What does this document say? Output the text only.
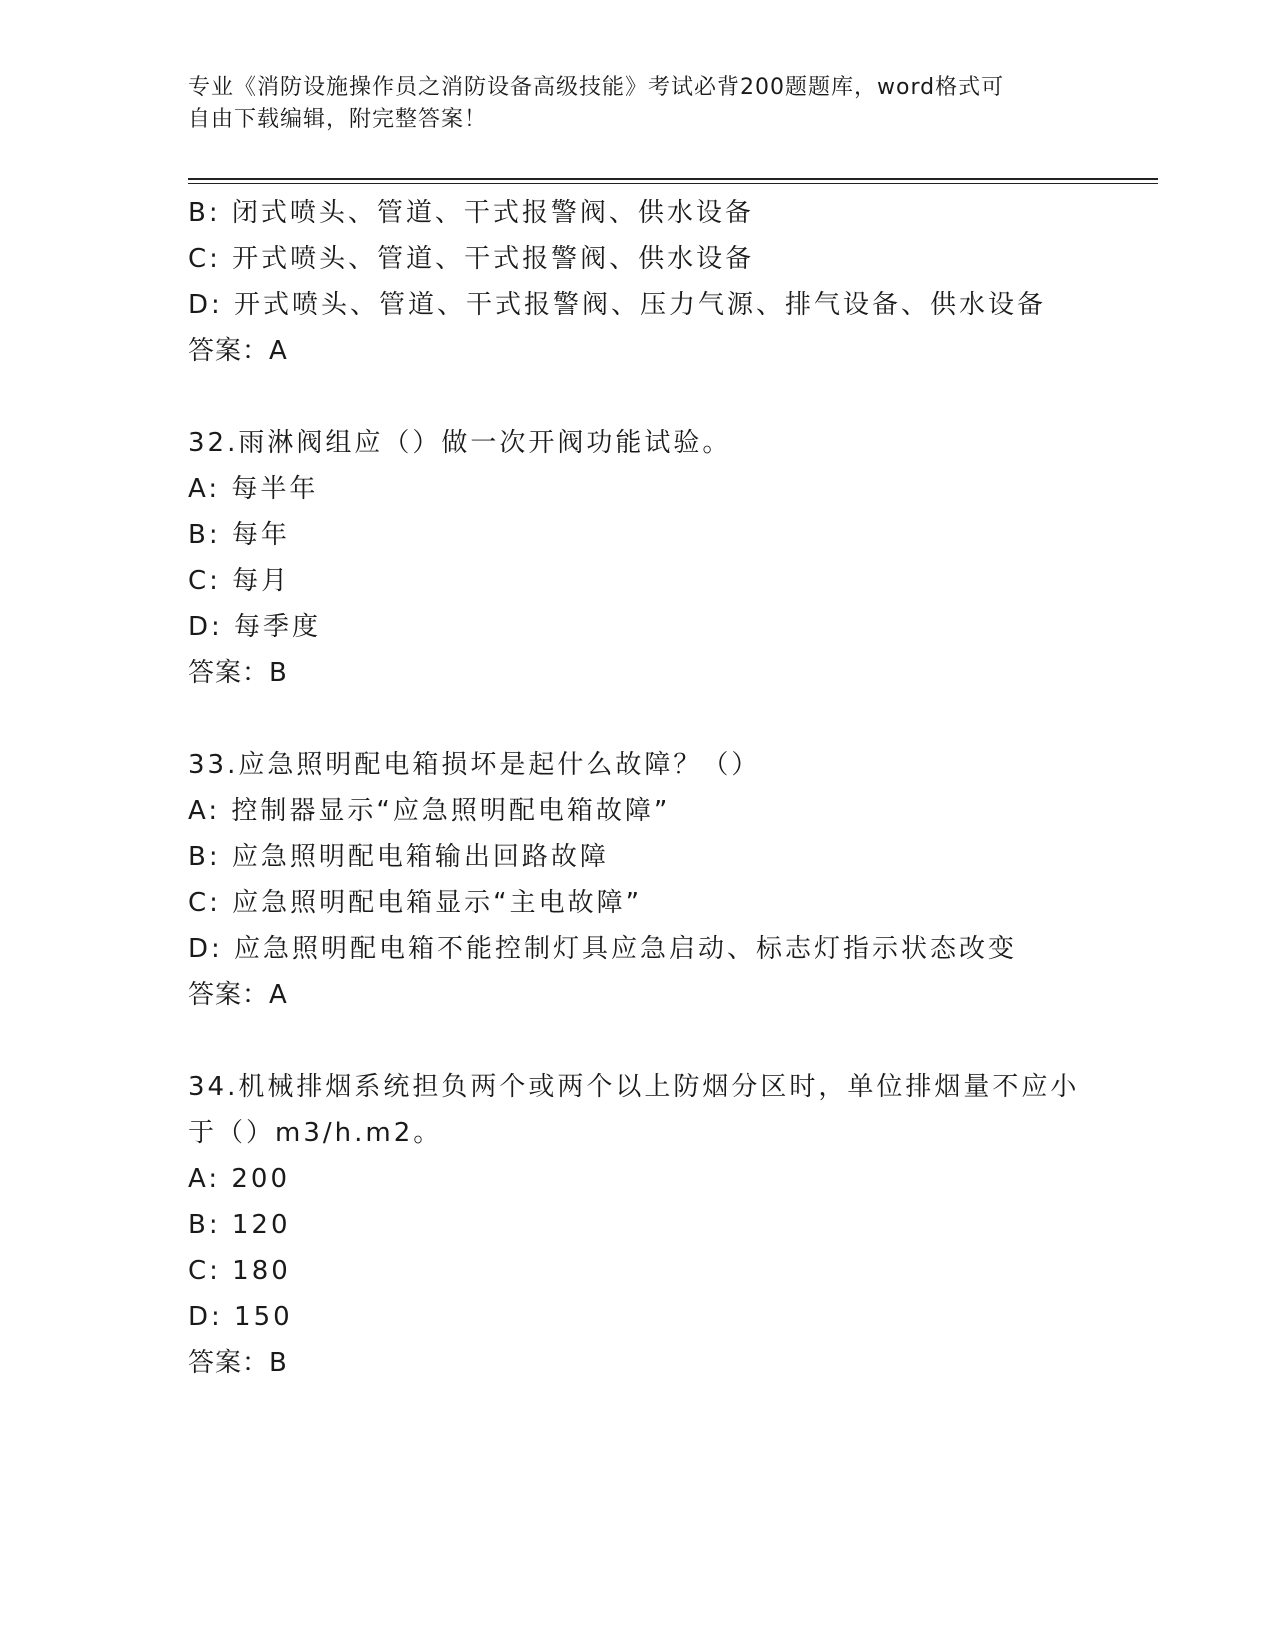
专业《消防设施操作员之消防设备高级技能》考试必背200题题库，word格式可
自由下载编辑，附完整答案！
B: 闭式喷头、管道、干式报警阀、供水设备
C: 开式喷头、管道、干式报警阀、供水设备
D: 开式喷头、管道、干式报警阀、压力气源、排气设备、供水设备
答案：A
32.雨淋阀组应（）做一次开阀功能试验。
A: 每半年
B: 每年
C: 每月
D: 每季度
答案：B
33.应急照明配电箱损坏是起什么故障？（）
A: 控制器显示“应急照明配电箱故障”
B: 应急照明配电箱输出回路故障
C: 应急照明配电箱显示“主电故障”
D: 应急照明配电箱不能控制灯具应急启动、标志灯指示状态改变
答案：A
34.机械排烟系统担负两个或两个以上防烟分区时，单位排烟量不应小
于（）m3/h.m2。
A: 200
B: 120
C: 180
D: 150
答案：B
